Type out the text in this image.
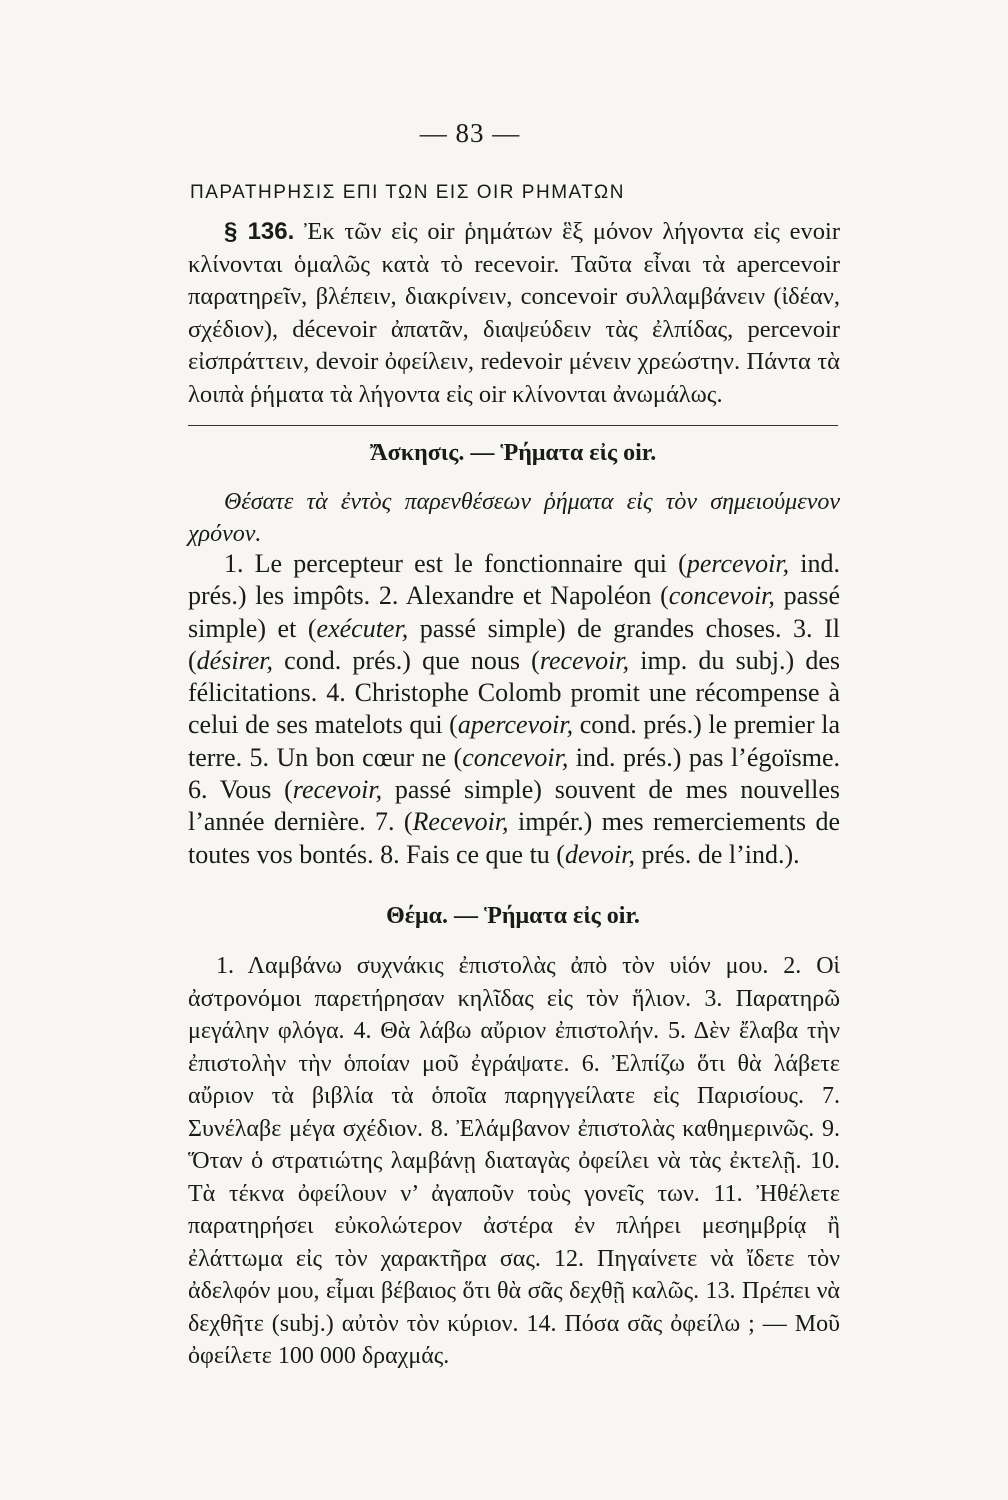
— 83 —
ΠΑΡΑΤΗΡΗΣΙΣ ΕΠΙ ΤΩΝ ΕΙΣ OIR ΡΗΜΑΤΩΝ
§ 136. Ἐκ τῶν εἰς oir ῥημάτων ἓξ μόνον λήγοντα εἰς evoir κλίνονται ὁμαλῶς κατὰ τὸ recevoir. Ταῦτα εἶναι τὰ apercevoir παρατηρεῖν, βλέπειν, διακρίνειν, concevoir συλλαμβάνειν (ἰδέαν, σχέδιον), décevoir ἀπατᾶν, διαψεύδειν τὰς ἐλπίδας, percevoir εἰσπράττειν, devoir ὀφείλειν, redevoir μένειν χρεώστην. Πάντα τὰ λοιπὰ ῥήματα τὰ λήγοντα εἰς oir κλίνονται ἀνωμάλως.
Ἄσκησις. — Ῥήματα εἰς oir.
Θέσατε τὰ ἐντὸς παρενθέσεων ῥήματα εἰς τὸν σημειούμενον χρόνον.
1. Le percepteur est le fonctionnaire qui (percevoir, ind. prés.) les impôts. 2. Alexandre et Napoléon (concevoir, passé simple) et (exécuter, passé simple) de grandes choses. 3. Il (désirer, cond. prés.) que nous (recevoir, imp. du subj.) des félicitations. 4. Christophe Colomb promit une récompense à celui de ses matelots qui (apercevoir, cond. prés.) le premier la terre. 5. Un bon cœur ne (concevoir, ind. prés.) pas l’égoïsme. 6. Vous (recevoir, passé simple) souvent de mes nouvelles l’année dernière. 7. (Recevoir, impér.) mes remerciements de toutes vos bontés. 8. Fais ce que tu (devoir, prés. de l’ind.).
Θέμα. — Ῥήματα εἰς oir.
1. Λαμβάνω συχνάκις ἐπιστολὰς ἀπὸ τὸν υἱόν μου. 2. Οἱ ἀστρονόμοι παρετήρησαν κηλῖδας εἰς τὸν ἥλιον. 3. Παρατηρῶ μεγάλην φλόγα. 4. Θὰ λάβω αὔριον ἐπιστολήν. 5. Δὲν ἔλαβα τὴν ἐπιστολὴν τὴν ὁποίαν μοῦ ἐγράψατε. 6. Ἐλπίζω ὅτι θὰ λάβετε αὔριον τὰ βιβλία τὰ ὁποῖα παρηγγείλατε εἰς Παρισίους. 7. Συνέλαβε μέγα σχέδιον. 8. Ἐλάμβανον ἐπιστολὰς καθημερινῶς. 9. Ὅταν ὁ στρατιώτης λαμβάνῃ διαταγὰς ὀφείλει νὰ τὰς ἐκτελῇ. 10. Τὰ τέκνα ὀφείλουν ν’ ἀγαποῦν τοὺς γονεῖς των. 11. Ἠθέλετε παρατηρήσει εὐκολώτερον ἀστέρα ἐν πλήρει μεσημβρίᾳ ἢ ἐλάττωμα εἰς τὸν χαρακτῆρα σας. 12. Πηγαίνετε νὰ ἴδετε τὸν ἀδελφόν μου, εἶμαι βέβαιος ὅτι θὰ σᾶς δεχθῇ καλῶς. 13. Πρέπει νὰ δεχθῆτε (subj.) αὐτὸν τὸν κύριον. 14. Πόσα σᾶς ὀφείλω ; — Μοῦ ὀφείλετε 100 000 δραχμάς.
